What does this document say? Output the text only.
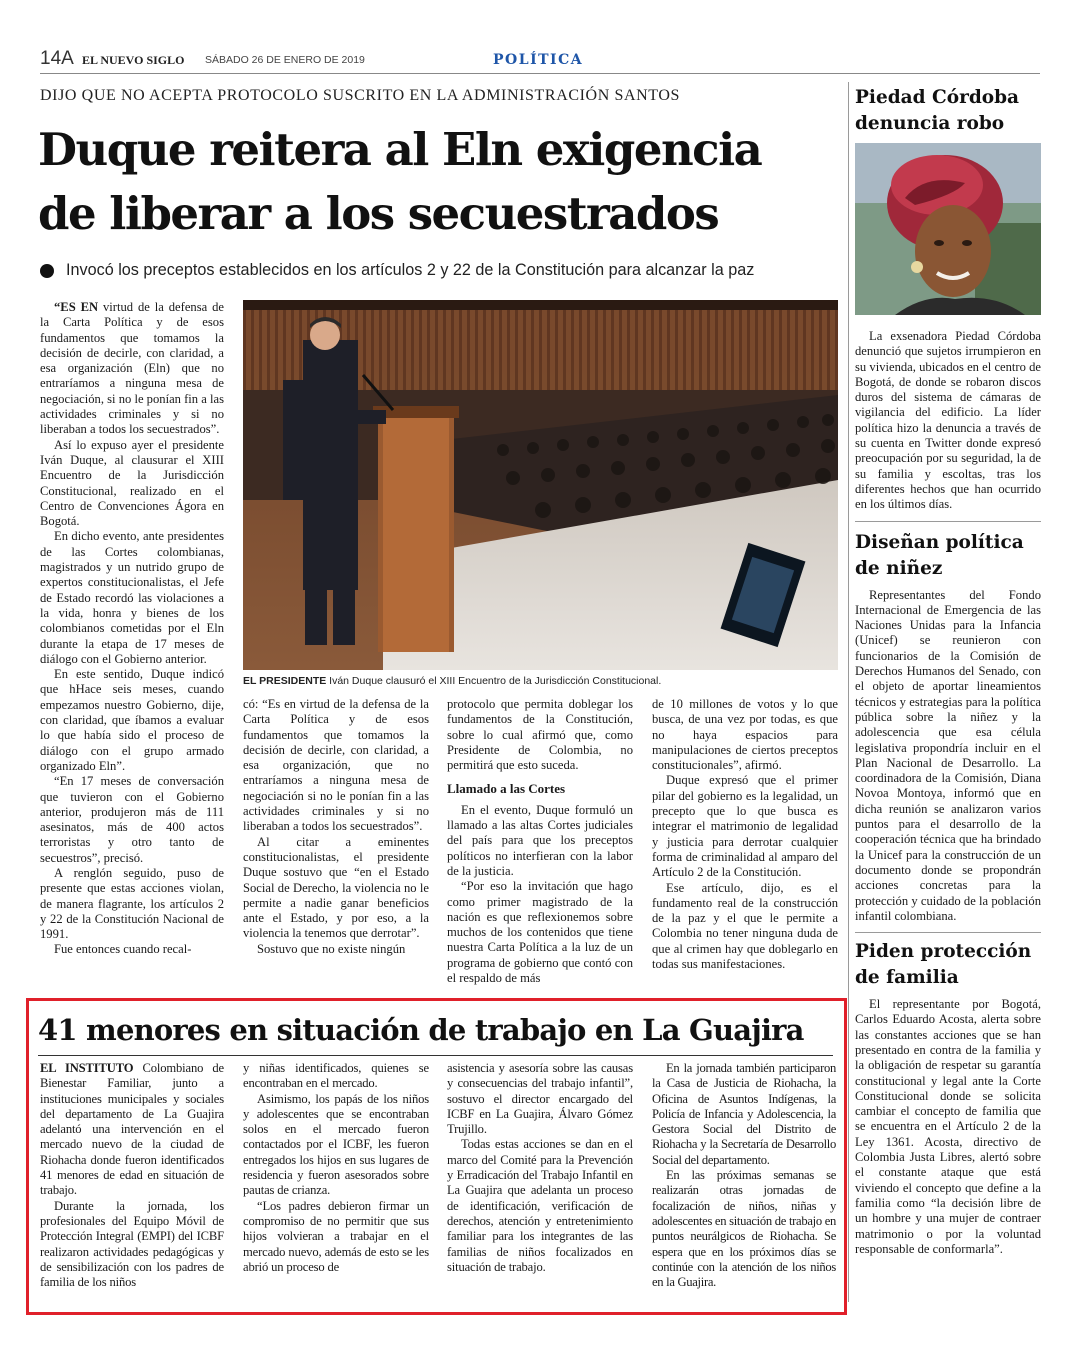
14A EL NUEVO SIGLO SÁBADO 26 DE ENERO DE 2019	POLÍTICA
DIJO QUE NO ACEPTA PROTOCOLO SUSCRITO EN LA ADMINISTRACIÓN SANTOS
Duque reitera al Eln exigencia
de liberar a los secuestrados
Invocó los preceptos establecidos en los artículos 2 y 22 de la Constitución para alcanzar la paz

“ES EN virtud de la defensa de la Carta Política y de esos fundamentos que tomamos la decisión de decirle, con claridad, a esa organización (Eln) que no entraríamos a ninguna mesa de negociación, si no le ponían fin a las actividades criminales y si no liberaban a todos los secuestrados”.

Así lo expuso ayer el presidente Iván Duque, al clausurar el XIII Encuentro de la Jurisdicción Constitucional, realizado en el Centro de Convenciones Ágora en Bogotá.

En dicho evento, ante presidentes de las Cortes colombianas, magistrados y un nutrido grupo de expertos constitucionalistas, el Jefe de Estado recordó las violaciones a la vida, honra y bienes de los colombianos cometidas por el Eln durante la etapa de 17 meses de diálogo con el Gobierno anterior.

En este sentido, Duque indicó que hHace seis meses, cuando empezamos nuestro Gobierno, dije, con claridad, que íbamos a evaluar lo que había sido el proceso de diálogo con el grupo armado organizado Eln”.

“En 17 meses de conversación que tuvieron con el Gobierno anterior, produjeron más de 111 asesinatos, más de 400 actos terroristas y otro tanto de secuestros”, precisó.

A renglón seguido, puso de presente que estas acciones violan, de manera flagrante, los artículos 2 y 22 de la Constitución Nacional de 1991.

Fue entonces cuando recal-

EL PRESIDENTE Iván Duque clausuró el XIII Encuentro de la Jurisdicción Constitucional.

có: “Es en virtud de la defensa de la Carta Política y de esos fundamentos que tomamos la decisión de decirle, con claridad, a esa organización, que no entraríamos a ninguna mesa de negociación si no le ponían fin a las actividades criminales y si no liberaban a todos los secuestrados”.

Al citar a eminentes constitucionalistas, el presidente Duque sostuvo que “en el Estado Social de Derecho, la violencia no le permite a nadie ganar beneficios ante el Estado, y por eso, a la violencia la tenemos que derrotar”.

Sostuvo que no existe ningún

protocolo que permita doblegar los fundamentos de la Constitución, sobre lo cual afirmó que, como Presidente de Colombia, no permitirá que esto suceda.

Llamado a las Cortes

En el evento, Duque formuló un llamado a las altas Cortes judiciales del país para que los preceptos políticos no interfieran con la labor de la justicia.

“Por eso la invitación que hago como primer magistrado de la nación es que reflexionemos sobre muchos de los contenidos que tiene nuestra Carta Política a la luz de un programa de gobierno que contó con el respaldo de más

de 10 millones de votos y lo que busca, de una vez por todas, es que no haya espacios para manipulaciones de ciertos preceptos constitucionales”, afirmó.

Duque expresó que el primer pilar del gobierno es la legalidad, un precepto que lo que busca es integrar el matrimonio de legalidad y justicia para derrotar cualquier forma de criminalidad al amparo del Artículo 2 de la Constitución.

Ese artículo, dijo, es el fundamento real de la construcción de la paz y el que le permite a Colombia no tener ninguna duda de que al crimen hay que doblegarlo en todas sus manifestaciones.

41 menores en situación de trabajo en La Guajira

EL INSTITUTO Colombiano de Bienestar Familiar, junto a instituciones municipales y sociales del departamento de La Guajira adelantó una intervención en el mercado nuevo de la ciudad de Riohacha donde fueron identificados 41 menores de edad en situación de trabajo.

Durante la jornada, los profesionales del Equipo Móvil de Protección Integral (EMPI) del ICBF realizaron actividades pedagógicas y de sensibilización con los padres de familia de los niños

y niñas identificados, quienes se encontraban en el mercado.

Asimismo, los papás de los niños y adolescentes que se encontraban solos en el mercado fueron contactados por el ICBF, les fueron entregados los hijos en sus lugares de residencia y fueron asesorados sobre pautas de crianza.

“Los padres debieron firmar un compromiso de no permitir que sus hijos volvieran a trabajar en el mercado nuevo, además de esto se les abrió un proceso de

asistencia y asesoría sobre las causas y consecuencias del trabajo infantil”, sostuvo el director encargado del ICBF en La Guajira, Álvaro Gómez Trujillo.

Todas estas acciones se dan en el marco del Comité para la Prevención y Erradicación del Trabajo Infantil en La Guajira que adelanta un proceso de identificación, verificación de derechos, atención y entretenimiento familiar para los integrantes de las familias de niños focalizados en situación de trabajo.

En la jornada también participaron la Casa de Justicia de Riohacha, la Oficina de Asuntos Indígenas, la Policía de Infancia y Adolescencia, la Gestora Social del Distrito de Riohacha y la Secretaría de Desarrollo Social del departamento.

En las próximas semanas se realizarán otras jornadas de focalización de niños, niñas y adolescentes en situación de trabajo en puntos neurálgicos de Riohacha. Se espera que en los próximos días se continúe con la atención de los niños en la Guajira.

Piedad Córdoba
denuncia robo

La exsenadora Piedad Córdoba denunció que sujetos irrumpieron en su vivienda, ubicados en el centro de Bogotá, de donde se robaron discos duros del sistema de cámaras de vigilancia del edificio. La líder política hizo la denuncia a través de su cuenta en Twitter donde expresó preocupación por su seguridad, la de su familia y escoltas, tras los diferentes hechos que han ocurrido en los últimos días.

Diseñan política
de niñez

Representantes del Fondo Internacional de Emergencia de las Naciones Unidas para la Infancia (Unicef) se reunieron con funcionarios de la Comisión de Derechos Humanos del Senado, con el objeto de aportar lineamientos técnicos y estrategias para la política pública sobre la niñez y la adolescencia que esa célula legislativa propondría incluir en el Plan Nacional de Desarrollo. La coordinadora de la Comisión, Diana Novoa Montoya, informó que en dicha reunión se analizaron varios puntos para el desarrollo de la cooperación técnica que ha brindado la Unicef para la construcción de un documento donde se propondrán acciones concretas para la protección y cuidado de la población infantil colombiana.

Piden protección
de familia

El representante por Bogotá, Carlos Eduardo Acosta, alerta sobre las constantes acciones que se han presentado en contra de la familia y la obligación de respetar su garantía constitucional y legal ante la Corte Constitucional donde se solicita cambiar el concepto de familia que se encuentra en el Artículo 2 de la Ley 1361. Acosta, directivo de Colombia Justa Libres, alertó sobre el constante ataque que está viviendo el concepto que define a la familia como “la decisión libre de un hombre y una mujer de contraer matrimonio o por la voluntad responsable de conformarla”.
